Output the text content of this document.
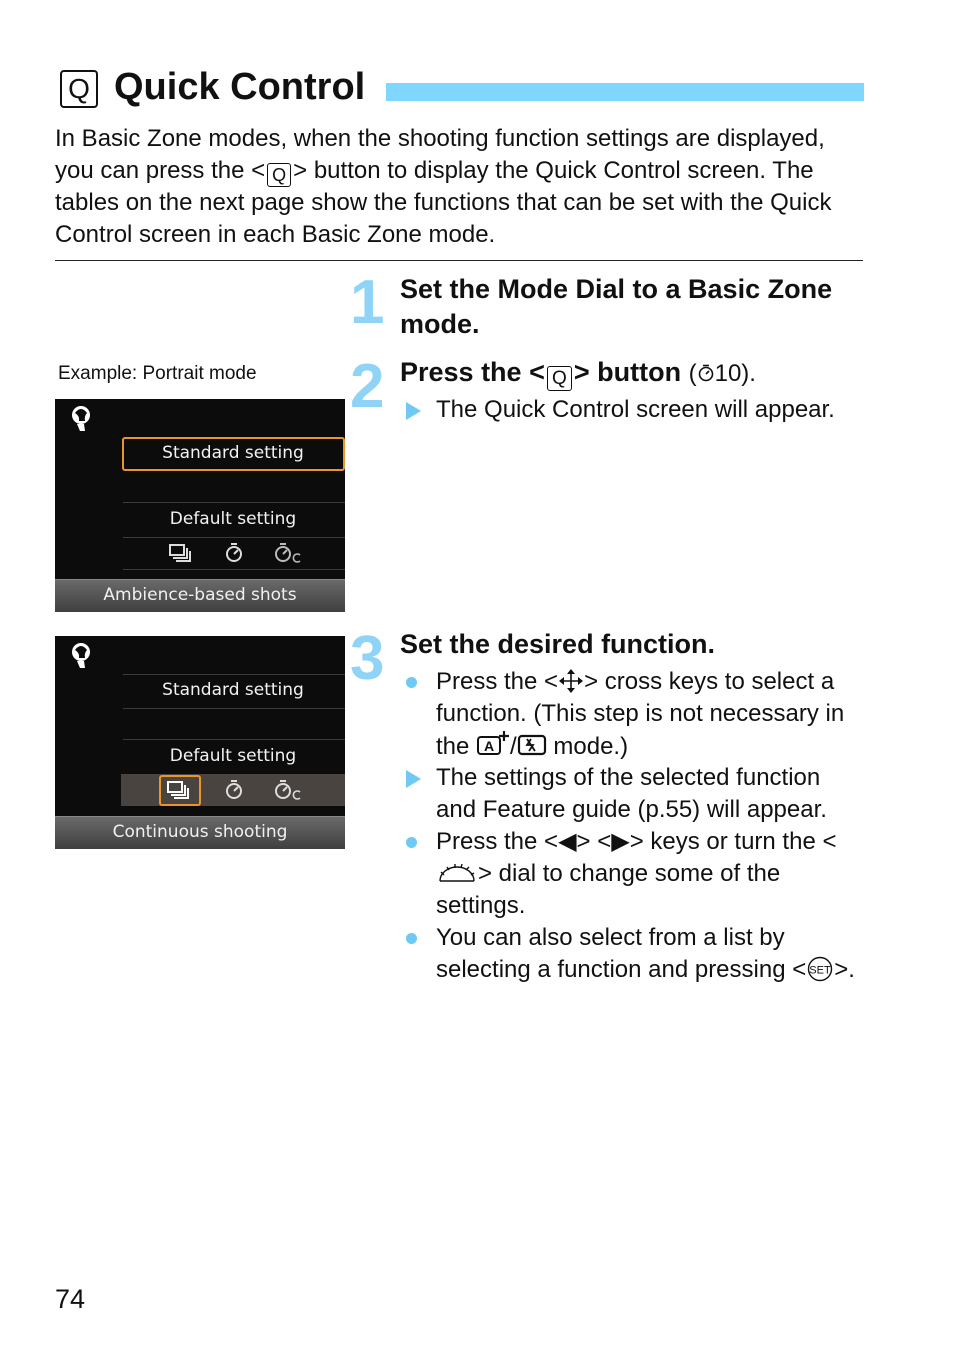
Q Quick Control
In Basic Zone modes, when the shooting function settings are displayed, you can press the < Q > button to display the Quick Control screen. The tables on the next page show the functions that can be set with the Quick Control screen in each Basic Zone mode.
Example: Portrait mode
Standard setting
Default setting
Ambience-based shots
Standard setting
Default setting
Continuous shooting
1 Set the Mode Dial to a Basic Zone mode.
2 Press the < Q > button ( 10).
The Quick Control screen will appear.
3 Set the desired function.
Press the < > cross keys to select a function. (This step is not necessary in the A / mode.)
The settings of the selected function and Feature guide (p.55) will appear.
Press the <◀> <▶> keys or turn the <> dial to change some of the settings.
You can also select from a list by selecting a function and pressing < SET >.
74
